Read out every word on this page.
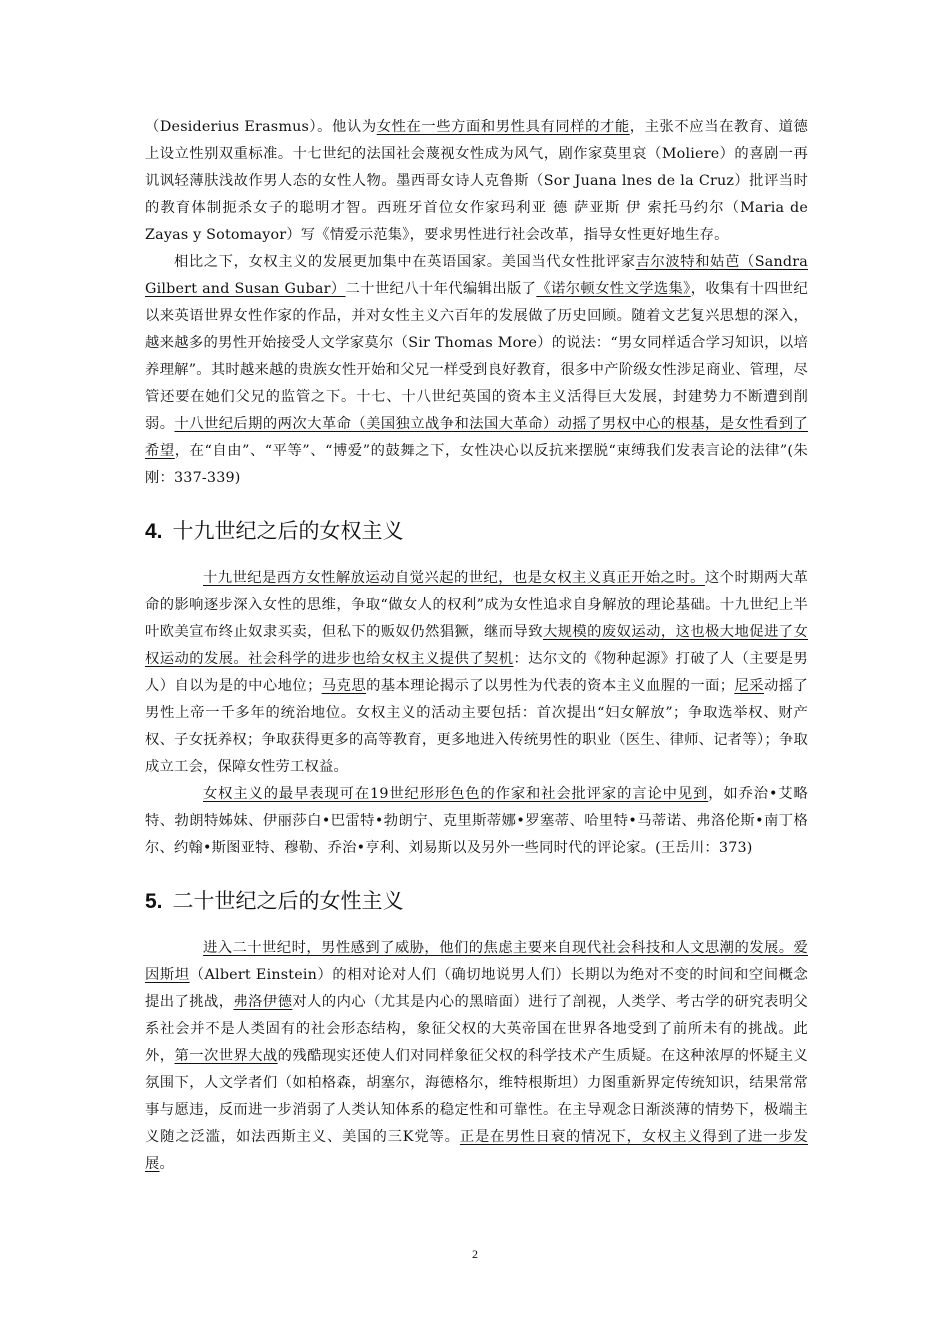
（Desiderius Erasmus）。他认为女性在一些方面和男性具有同样的才能，主张不应当在教育、道德上设立性别双重标准。十七世纪的法国社会蔑视女性成为风气，剧作家莫里哀（Moliere）的喜剧一再讥讽轻薄肤浅故作男人态的女性人物。墨西哥女诗人克鲁斯（Sor Juana lnes de la Cruz）批评当时的教育体制扼杀女子的聪明才智。西班牙首位女作家玛利亚 德 萨亚斯 伊 索托马约尔（Maria de Zayas y Sotomayor）写《情爱示范集》，要求男性进行社会改革，指导女性更好地生存。

相比之下，女权主义的发展更加集中在英语国家。美国当代女性批评家吉尔波特和姑芭（Sandra Gilbert and Susan Gubar）二十世纪八十年代编辑出版了《诺尔顿女性文学选集》，收集有十四世纪以来英语世界女性作家的作品，并对女性主义六百年的发展做了历史回顾。随着文艺复兴思想的深入，越来越多的男性开始接受人文学家莫尔（Sir Thomas More）的说法：“男女同样适合学习知识，以培养理解”。其时越来越的贵族女性开始和父兄一样受到良好教育，很多中产阶级女性涉足商业、管理，尽管还要在她们父兄的监管之下。十七、十八世纪英国的资本主义活得巨大发展，封建势力不断遭到削弱。十八世纪后期的两次大革命（美国独立战争和法国大革命）动摇了男权中心的根基，是女性看到了希望，在“自由”、“平等”、“博爱”的鼓舞之下，女性决心以反抗来摆脱“束缚我们发表言论的法律”(朱刚：337-339)

4. 十九世纪之后的女权主义

十九世纪是西方女性解放运动自觉兴起的世纪，也是女权主义真正开始之时。这个时期两大革命的影响逐步深入女性的思维，争取“做女人的权利”成为女性追求自身解放的理论基础。十九世纪上半叶欧美宣布终止奴隶买卖，但私下的贩奴仍然猖獗，继而导致大规模的废奴运动，这也极大地促进了女权运动的发展。社会科学的进步也给女权主义提供了契机：达尔文的《物种起源》打破了人（主要是男人）自以为是的中心地位；马克思的基本理论揭示了以男性为代表的资本主义血腥的一面；尼采动摇了男性上帝一千多年的统治地位。女权主义的活动主要包括：首次提出“妇女解放”；争取选举权、财产权、子女抚养权；争取获得更多的高等教育，更多地进入传统男性的职业（医生、律师、记者等）；争取成立工会，保障女性劳工权益。

女权主义的最早表现可在19世纪形形色色的作家和社会批评家的言论中见到，如乔治•艾略特、勃朗特姊妹、伊丽莎白•巴雷特•勃朗宁、克里斯蒂娜•罗塞蒂、哈里特•马蒂诺、弗洛伦斯•南丁格尔、约翰•斯图亚特、穆勒、乔治•亨利、刘易斯以及另外一些同时代的评论家。(王岳川：373)

5. 二十世纪之后的女性主义

进入二十世纪时，男性感到了威胁，他们的焦虑主要来自现代社会科技和人文思潮的发展。爱因斯坦（Albert Einstein）的相对论对人们（确切地说男人们）长期以为绝对不变的时间和空间概念提出了挑战，弗洛伊德对人的内心（尤其是内心的黑暗面）进行了剖视，人类学、考古学的研究表明父系社会并不是人类固有的社会形态结构，象征父权的大英帝国在世界各地受到了前所未有的挑战。此外，第一次世界大战的残酷现实还使人们对同样象征父权的科学技术产生质疑。在这种浓厚的怀疑主义氛围下，人文学者们（如柏格森，胡塞尔，海德格尔，维特根斯坦）力图重新界定传统知识，结果常常事与愿违，反而进一步消弱了人类认知体系的稳定性和可靠性。在主导观念日渐淡薄的情势下，极端主义随之泛滥，如法西斯主义、美国的三K党等。正是在男性日衰的情况下，女权主义得到了进一步发展。

2
